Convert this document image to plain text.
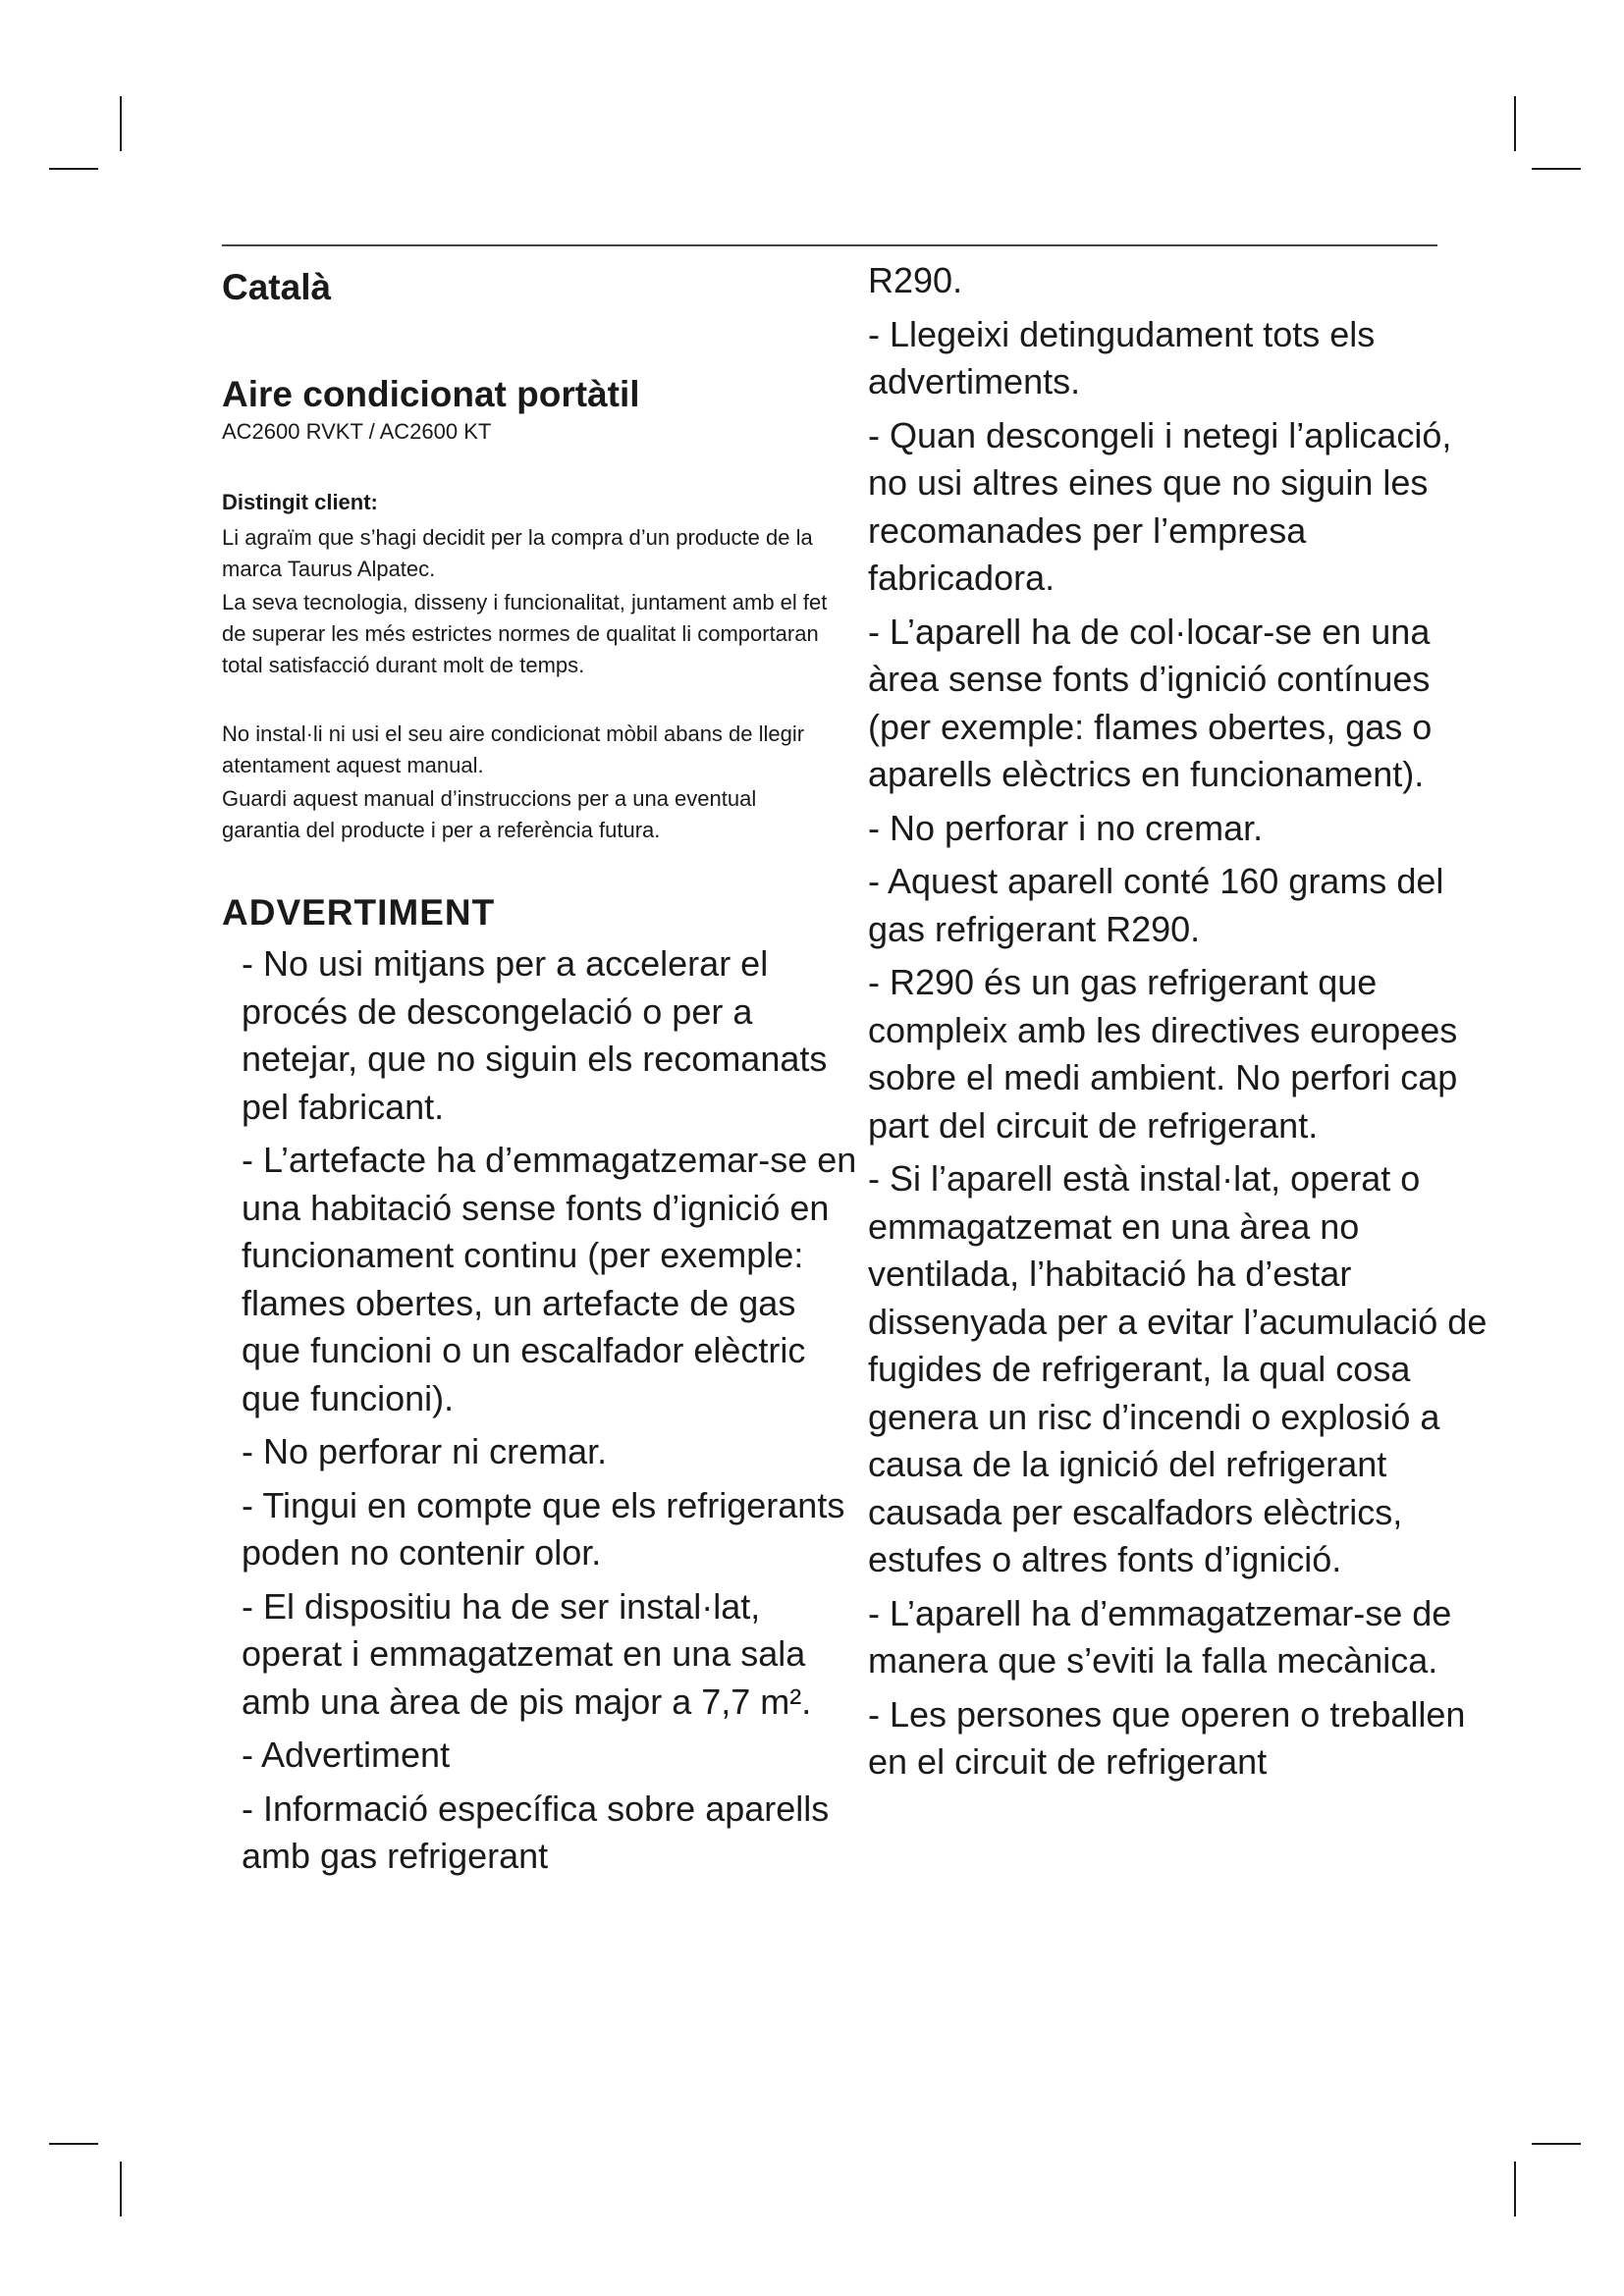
Català
Aire condicionat portàtil
AC2600 RVKT / AC2600 KT
Distingit client:

Li agraïm que s’hagi decidit per la compra d’un producte de la marca Taurus Alpatec.

La seva tecnologia, disseny i funcionalitat, juntament amb el fet de superar les més estrictes normes de qualitat li comportaran total satisfacció durant molt de temps.

No instal·li ni usi el seu aire condicionat mòbil abans de llegir atentament aquest manual.

Guardi aquest manual d’instruccions per a una eventual garantia del producte i per a referència futura.

ADVERTIMENT
- No usi mitjans per a accelerar el procés de descongelació o per a netejar, que no siguin els recomanats pel fabricant.
- L’artefacte ha d’emmagatzemar-se en una habitació sense fonts d’ignició en funcionament continu (per exemple: flames obertes, un artefacte de gas que funcioni o un escalfador elèctric que funcioni).
- No perforar ni cremar.
- Tingui en compte que els refrigerants poden no contenir olor.
- El dispositiu ha de ser instal·lat, operat i emmagatzemat en una sala amb una àrea de pis major a 7,7 m².
- Advertiment
- Informació específica sobre aparells amb gas refrigerant
R290.
- Llegeixi detingudament tots els advertiments.
- Quan descongeli i netegi l’aplicació, no usi altres eines que no siguin les recomanades per l’empresa fabricadora.
- L’aparell ha de col·locar-se en una àrea sense fonts d’ignició contínues (per exemple: flames obertes, gas o aparells elèctrics en funcionament).
- No perforar i no cremar.
- Aquest aparell conté 160 grams del gas refrigerant R290.
- R290 és un gas refrigerant que compleix amb les directives europees sobre el medi ambient. No perfori cap part del circuit de refrigerant.
- Si l’aparell està instal·lat, operat o emmagatzemat en una àrea no ventilada, l’habitació ha d’estar dissenyada per a evitar l’acumulació de fugides de refrigerant, la qual cosa genera un risc d’incendi o explosió a causa de la ignició del refrigerant causada per escalfadors elèctrics, estufes o altres fonts d’ignició.
- L’aparell ha d’emmagatzemar-se de manera que s’eviti la falla mecànica.
- Les persones que operen o treballen en el circuit de refrigerant
